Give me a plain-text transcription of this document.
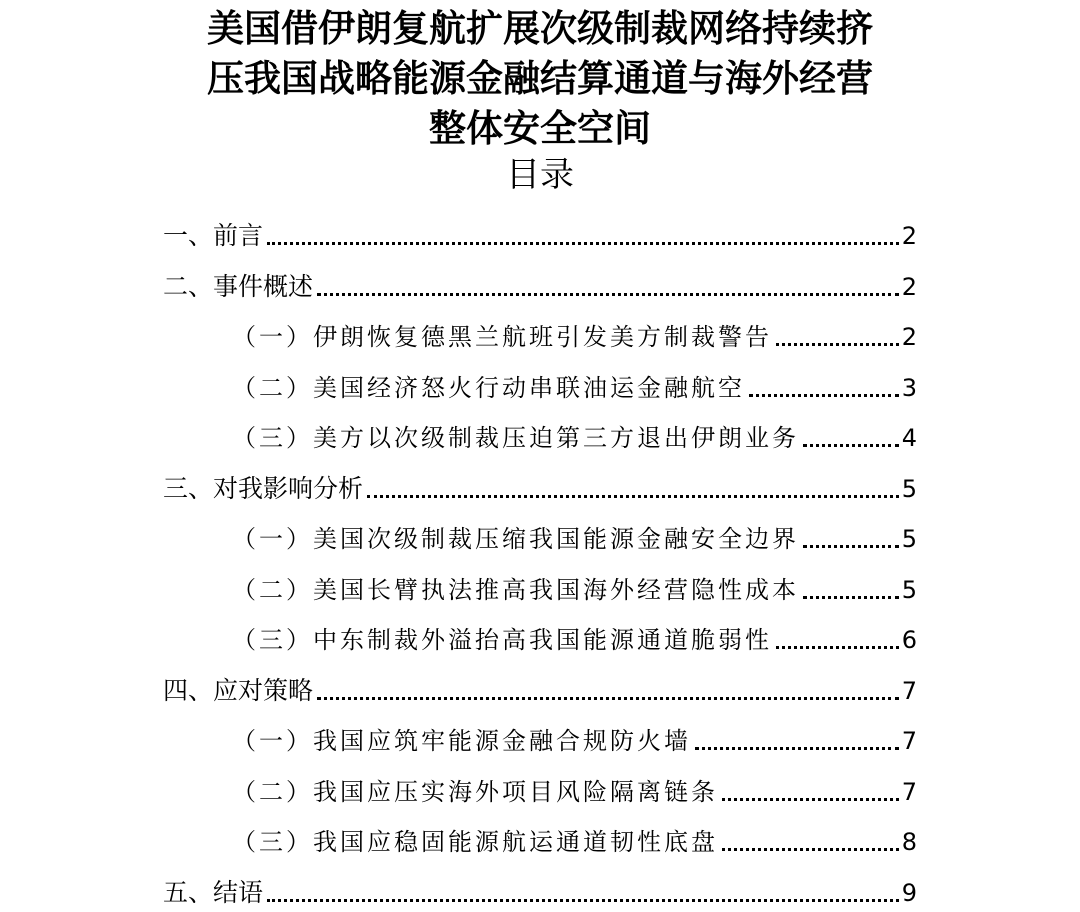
美国借伊朗复航扩展次级制裁网络持续挤
压我国战略能源金融结算通道与海外经营
整体安全空间
目录
一、前言	2
二、事件概述	2
（一）伊朗恢复德黑兰航班引发美方制裁警告	2
（二）美国经济怒火行动串联油运金融航空	3
（三）美方以次级制裁压迫第三方退出伊朗业务	4
三、对我影响分析	5
（一）美国次级制裁压缩我国能源金融安全边界	5
（二）美国长臂执法推高我国海外经营隐性成本	5
（三）中东制裁外溢抬高我国能源通道脆弱性	6
四、应对策略	7
（一）我国应筑牢能源金融合规防火墙	7
（二）我国应压实海外项目风险隔离链条	7
（三）我国应稳固能源航运通道韧性底盘	8
五、结语	9
